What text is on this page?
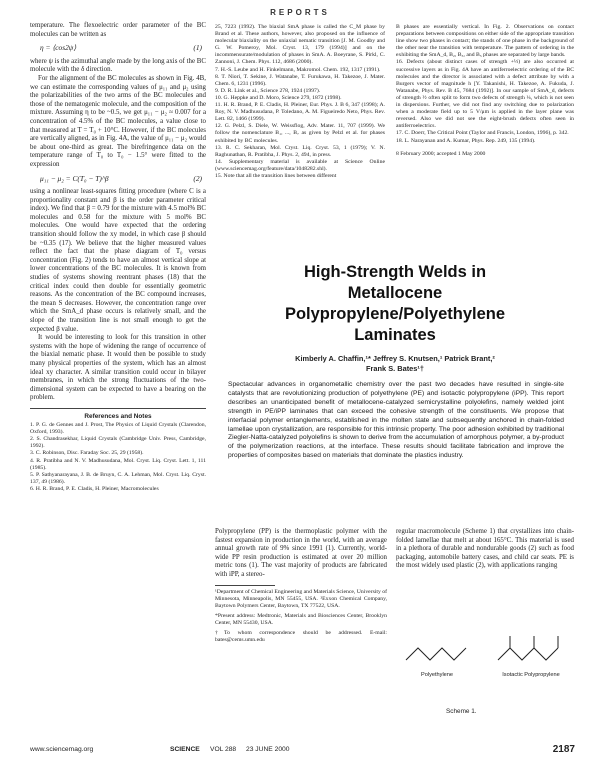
REPORTS

temperature. The flexoelectric order parameter of the BC molecules can be written as

η = ⟨cos2ψ⟩	(1)

where ψ is the azimuthal angle made by the long axis of the BC molecule with the δ direction.

For the alignment of the BC molecules as shown in Fig. 4B, we can estimate the corresponding values of μ₁₁ and μ₂ using the polarizabilities of the two arms of the BC molecules and those of the nematogenic molecule, and the composition of the mixture. Assuming η to be ~0.5, we get μ₁₁ − μ₂ ≈ 0.007 for a concentration of 4.5% of the BC molecules, a value close to that measured at T = T₀ + 10°C. However, if the BC molecules are vertically aligned, as in Fig. 4A, the value of μ₁₁ − μ₂ would be about one-third as great. The birefringence data on the temperature range of T₀ to T₀ − 1.5° were fitted to the expression

μ₁₁ − μ₂ = C(T₀ − T)^β	(2)

using a nonlinear least-squares fitting procedure (where C is a proportionality constant and β is the order parameter critical index). We find that β = 0.79 for the mixture with 4.5 mol% BC molecules and 0.58 for the mixture with 5 mol% BC molecules. One would have expected that the ordering transition should follow the xy model, in which case β should be ~0.35 (17). We believe that the higher measured values reflect the fact that the phase diagram of T₀ versus concentration (Fig. 2) tends to have an almost vertical slope at lower concentrations of the BC molecules. It is known from studies of systems showing reentrant phases (18) that the critical index could then double for essentially geometric reasons. As the concentration of the BC compound increases, the mean S decreases. However, the concentration range over which the SmA_d phase occurs is relatively small, and the slope of the transition line is not small enough to get the expected β value.

It would be interesting to look for this transition in other systems with the hope of widening the range of occurrence of the biaxial nematic phase. It would then be possible to study many physical properties of the system, which has an almost ideal xy character. A similar transition could occur in bilayer membranes, in which the strong fluctuations of the two-dimensional system can be expected to have a bearing on the problem.

References and Notes
1. P. G. de Gennes and J. Prost, The Physics of Liquid Crystals (Clarendon, Oxford, 1993).
2. S. Chandrasekhar, Liquid Crystals (Cambridge Univ. Press, Cambridge, 1992).
3. C. Robinson, Disc. Faraday Soc. 25, 29 (1958).
4. R. Pratibha and N. V. Madhusudana, Mol. Cryst. Liq. Cryst. Lett. 1, 111 (1985).
5. P. Sathyanarayana, J. B. de Bruyn, C. A. Lehman, Mol. Cryst. Liq. Cryst. 137, 49 (1986).
6. H. R. Brand, P. E. Cladis, H. Pleiner, Macromolecules
25, 7223 (1992). The biaxial SmA phase is called the C_M phase by Brand et al. These authors, however, also proposed on the influence of molecular biaxiality on the uniaxial nematic transition [J. M. Goodby and G. W. Pomeroy, Mol. Cryst. 13, 179 (1994)] and on the incommensurate/modulation of phases in SmA. A. Boeyrane, S. Pirkl, C. Zannoni, J. Chem. Phys. 112, 4686 (2000).
7. H.-S. Leube and H. Finkelmann, Makromol. Chem. 192, 1317 (1991).
8. T. Niori, T. Sekine, J. Watanabe, T. Furukawa, H. Takezoe, J. Mater. Chem. 6, 1231 (1996).
9. D. R. Link et al., Science 278, 1924 (1997).
10. G. Heppke and D. Moro, Science 279, 1872 (1998).
11. H. R. Brand, P. E. Cladis, H. Pleiner, Eur. Phys. J. B 6, 347 (1998); A. Roy, N. V. Madhusudana, P. Toledano, A. M. Figueiredo Neto, Phys. Rev. Lett. 82, 1466 (1999).
12. G. Pelzl, S. Diele, W. Weissflog, Adv. Mater. 11, 707 (1999). We follow the nomenclature B₁, ..., B₇ as given by Pelzl et al. for phases exhibited by BC molecules.
13. R. C. Sekharan, Mol. Cryst. Liq. Cryst. 53, 1 (1979); V. N. Raghunathan, R. Pratibha, J. Phys. 2, 494, in press.
14. Supplementary material is available at Science Online (www.sciencemag.org/feature/data/1048282.shl).
15. Note that all the transition lines between different
B phases are essentially vertical. In Fig. 2. Observations on contact preparations between compositions on either side of the appropriate transition line show two phases in contact; the stands of one phase in the background of the other near the transition with temperature. The pattern of ordering in the exhibiting the SmA_d, B₂, B₃, and B₅ phases are separated by large bands.
16. Defects (about distinct cases of strength +½) are also occurred at successive layers as in Fig. 4A have an antiferroelectric ordering of the BC molecules and the director is associated with a defect attribute by with a Burgers vector of magnitude h [Y. Takanishi, H. Takezoe, A. Fukuda, J. Watanabe, Phys. Rev. B 45, 7684 (1992)]. In our sample of SmA_d, defects of strength ½ often split to form two defects of strength ¼, which is not seen in dispersions. Further, we did not find any switching due to polarization when a moderate field up to 5 V/μm is applied in the layer plane was reversed. Also we did not see the eight-brush defects often seen in antiferroelectrics.
17. C. Doerr, The Critical Point (Taylor and Francis, London, 1996), p. 342.
18. L. Narayanan and A. Kumar, Phys. Rep. 249, 135 (1994).
8 February 2000; accepted 1 May 2000
High-Strength Welds in
Metallocene
Polypropylene/Polyethylene
Laminates
Kimberly A. Chaffin,¹* Jeffrey S. Knutsen,¹ Patrick Brant,²
Frank S. Bates¹†
Spectacular advances in organometallic chemistry over the past two decades have resulted in single-site catalysts that are revolutionizing production of polyethylene (PE) and isotactic polypropylene (iPP). This report describes an unanticipated benefit of metallocene-catalyzed semicrystalline polyolefins, namely welded joint strength in PE/iPP laminates that can exceed the cohesive strength of the constituents. We propose that interfacial polymer entanglements, established in the molten state and subsequently anchored in chain-folded lamellae upon crystallization, are responsible for this intrinsic property. The poor adhesion exhibited by traditional Ziegler-Natta-catalyzed polyolefins is shown to derive from the accumulation of amorphous polymer, a by-product of the polymerization reactions, at the interface. These results should facilitate fabrication and improve the properties of composites based on materials that dominate the plastics industry.
Polypropylene (PP) is the thermoplastic polymer with the fastest expansion in production in the world, with an average annual growth rate of 9% since 1991 (1). Currently, world-wide PP resin production is estimated at over 20 million metric tons (1). The vast majority of products are fabricated with iPP, a stereo-
¹Department of Chemical Engineering and Materials Science, University of Minnesota, Minneapolis, MN 55455, USA. ²Exxon Chemical Company, Baytown Polymers Center, Baytown, TX 77522, USA.
*Present address: Medtronic, Materials and Biosciences Center, Brooklyn Center, MN 55430, USA.
†To whom correspondence should be addressed. E-mail: bates@cems.umn.edu
regular macromolecule (Scheme 1) that crystallizes into chain-folded lamellae that melt at about 165°C. This material is used in a plethora of durable and nondurable goods (2) such as food packaging, automobile battery cases, and child car seats. PE is the most widely used plastic (2), with applications ranging
Polyethylene	Isotactic Polypropylene
Scheme 1.
www.sciencemag.org	SCIENCE VOL 288 23 JUNE 2000	2187
